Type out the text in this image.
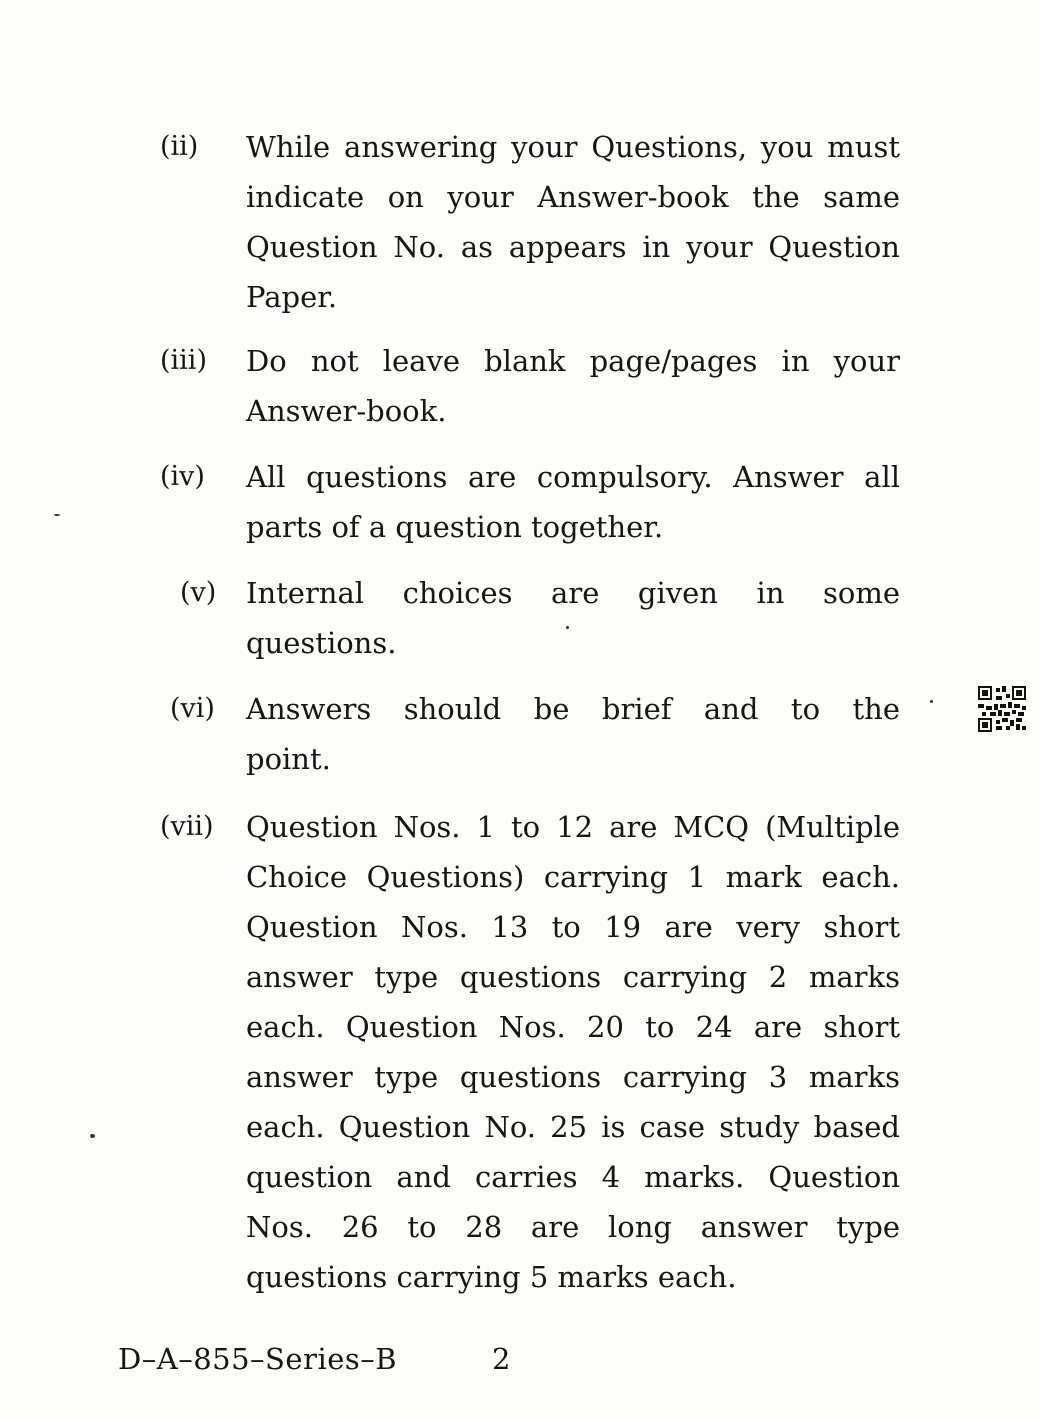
(ii)	While answering your Questions, you must
indicate on your Answer-book the same
Question No. as appears in your Question
Paper.
(iii)	Do not leave blank page/pages in your
Answer-book.
(iv)	All questions are compulsory. Answer all
parts of a question together.
(v)	Internal choices are given in some
questions.
(vi)	Answers should be brief and to the
point.
(vii)	Question Nos. 1 to 12 are MCQ (Multiple
Choice Questions) carrying 1 mark each.
Question Nos. 13 to 19 are very short
answer type questions carrying 2 marks
each. Question Nos. 20 to 24 are short
answer type questions carrying 3 marks
each. Question No. 25 is case study based
question and carries 4 marks. Question
Nos. 26 to 28 are long answer type
questions carrying 5 marks each.
D–A–855–Series–B	2
